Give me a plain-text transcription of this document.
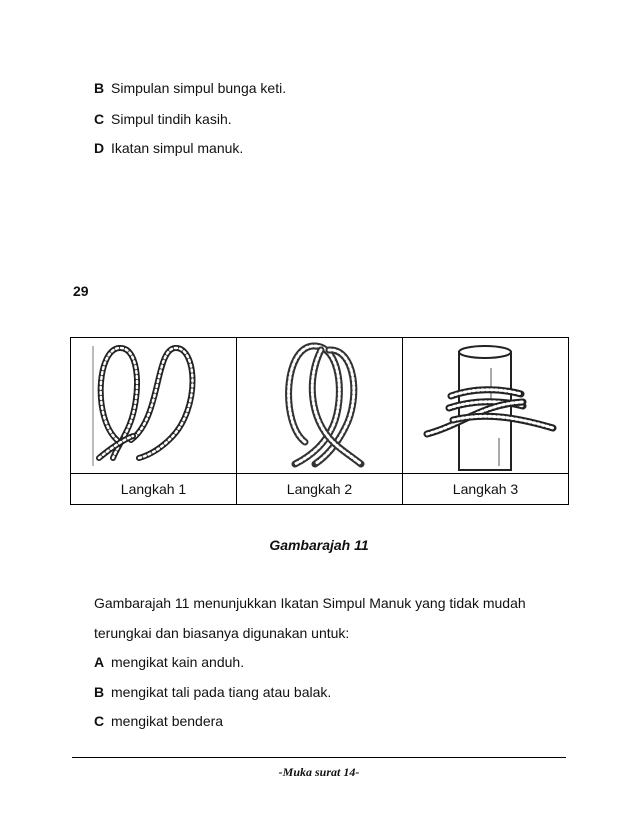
B Simpulan simpul bunga keti.
C Simpul tindih kasih.
D Ikatan simpul manuk.
29

Langkah 1	Langkah 2	Langkah 3
Gambarajah 11
Gambarajah 11 menunjukkan Ikatan Simpul Manuk yang tidak mudah
terungkai dan biasanya digunakan untuk:
A mengikat kain anduh.
B mengikat tali pada tiang atau balak.
C mengikat bendera
-Muka surat 14-
